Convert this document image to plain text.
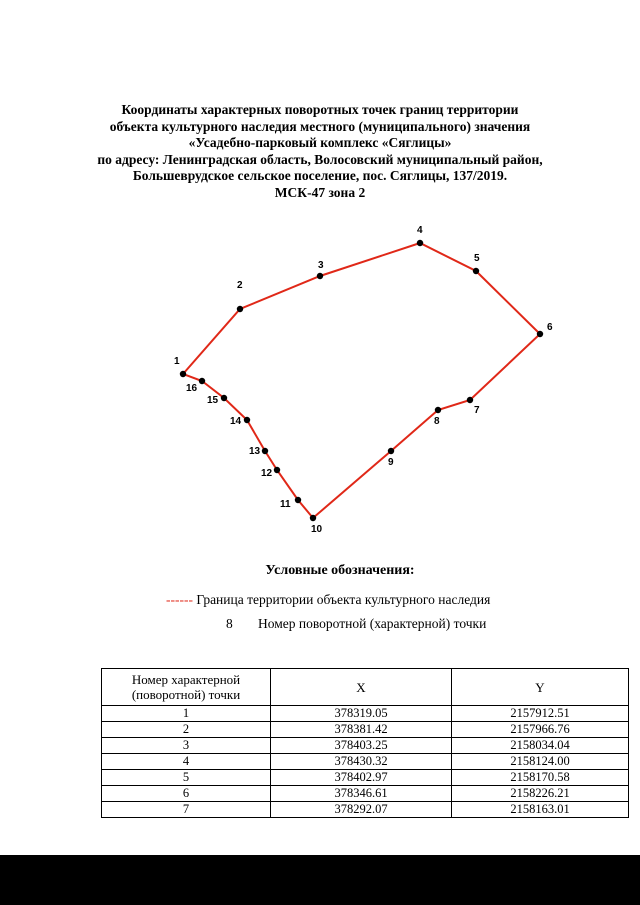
Координаты характерных поворотных точек границ территории
объекта культурного наследия местного (муниципального) значения
«Усадебно-парковый комплекс «Сяглицы»
по адресу: Ленинградская область, Волосовский муниципальный район,
Большеврудское сельское поселение, пос. Сяглицы, 137/2019.
МСК-47 зона 2
1
2
3
4
5
6
7
8
9
10
11
12
13
14
15
16
Условные обозначения:
------ Граница территории объекта культурного наследия
8 Номер поворотной (характерной) точки
Номер характерной (поворотной) точки	X	Y
1	378319.05	2157912.51
2	378381.42	2157966.76
3	378403.25	2158034.04
4	378430.32	2158124.00
5	378402.97	2158170.58
6	378346.61	2158226.21
7	378292.07	2158163.01
